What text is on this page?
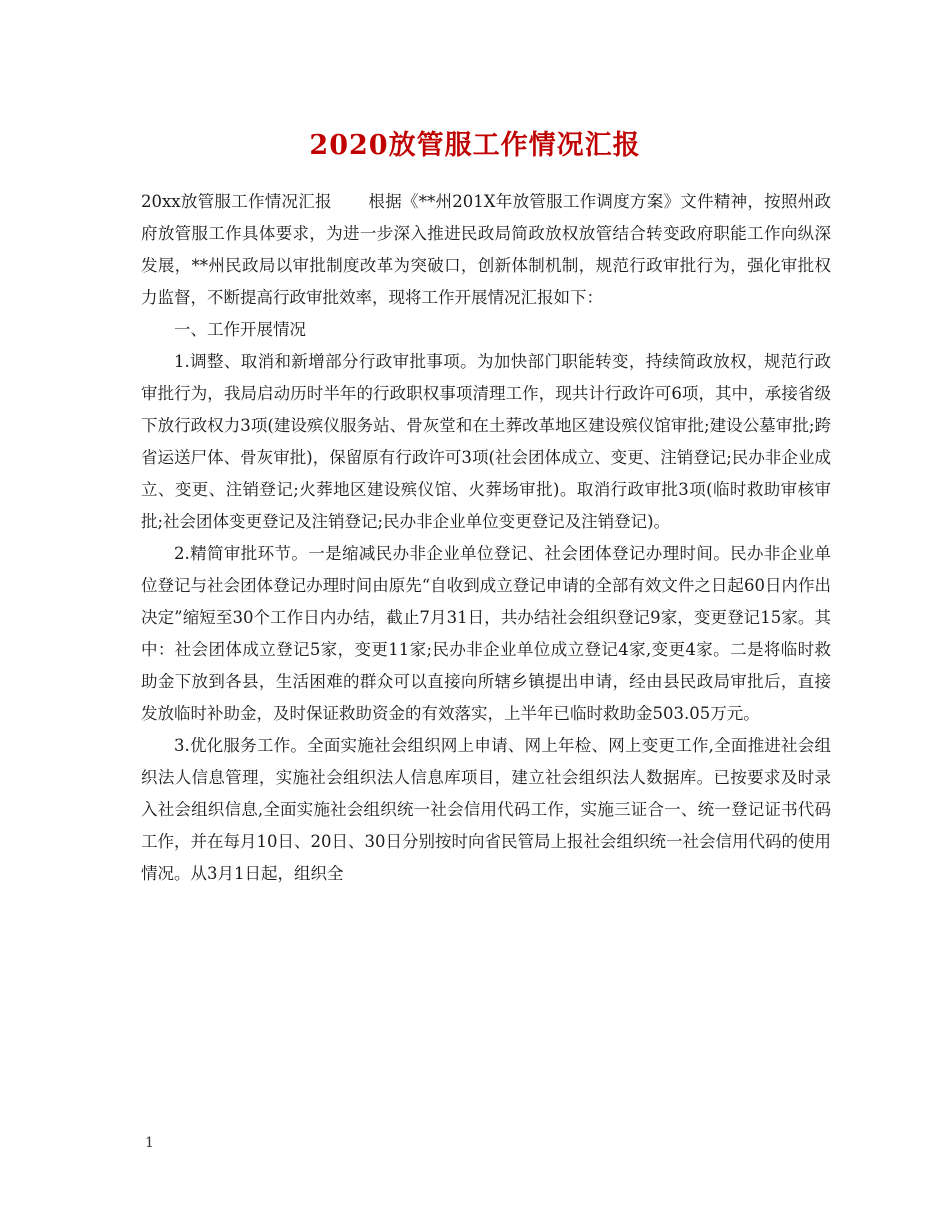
2020放管服工作情况汇报

20xx放管服工作情况汇报 根据《**州201X年放管服工作调度方案》文件精神，按照州政府放管服工作具体要求，为进一步深入推进民政局简政放权放管结合转变政府职能工作向纵深发展，**州民政局以审批制度改革为突破口，创新体制机制，规范行政审批行为，强化审批权力监督，不断提高行政审批效率，现将工作开展情况汇报如下：

一、工作开展情况

1.调整、取消和新增部分行政审批事项。为加快部门职能转变，持续简政放权，规范行政审批行为，我局启动历时半年的行政职权事项清理工作，现共计行政许可6项，其中，承接省级下放行政权力3项(建设殡仪服务站、骨灰堂和在土葬改革地区建设殡仪馆审批;建设公墓审批;跨省运送尸体、骨灰审批)，保留原有行政许可3项(社会团体成立、变更、注销登记;民办非企业成立、变更、注销登记;火葬地区建设殡仪馆、火葬场审批)。取消行政审批3项(临时救助审核审批;社会团体变更登记及注销登记;民办非企业单位变更登记及注销登记)。

2.精简审批环节。一是缩减民办非企业单位登记、社会团体登记办理时间。民办非企业单位登记与社会团体登记办理时间由原先“自收到成立登记申请的全部有效文件之日起60日内作出决定”缩短至30个工作日内办结，截止7月31日，共办结社会组织登记9家，变更登记15家。其中：社会团体成立登记5家，变更11家;民办非企业单位成立登记4家,变更4家。二是将临时救助金下放到各县，生活困难的群众可以直接向所辖乡镇提出申请，经由县民政局审批后，直接发放临时补助金，及时保证救助资金的有效落实，上半年已临时救助金503.05万元。

3.优化服务工作。全面实施社会组织网上申请、网上年检、网上变更工作,全面推进社会组织法人信息管理，实施社会组织法人信息库项目，建立社会组织法人数据库。已按要求及时录入社会组织信息,全面实施社会组织统一社会信用代码工作，实施三证合一、统一登记证书代码工作，并在每月10日、20日、30日分别按时向省民管局上报社会组织统一社会信用代码的使用情况。从3月1日起，组织全

1
